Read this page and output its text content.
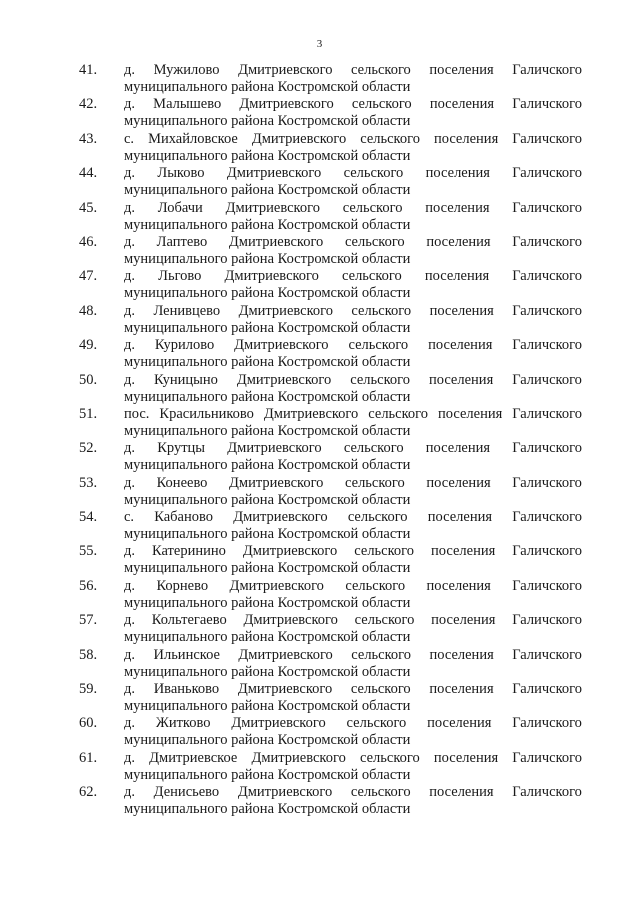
3
41.	д. Мужилово Дмитриевского сельского поселения Галичского
муниципального района Костромской области
42.	д. Малышево Дмитриевского сельского поселения Галичского
муниципального района Костромской области
43.	с. Михайловское Дмитриевского сельского поселения Галичского
муниципального района Костромской области
44.	д. Лыково Дмитриевского сельского поселения Галичского
муниципального района Костромской области
45.	д. Лобачи Дмитриевского сельского поселения Галичского
муниципального района Костромской области
46.	д. Лаптево Дмитриевского сельского поселения Галичского
муниципального района Костромской области
47.	д. Льгово Дмитриевского сельского поселения Галичского
муниципального района Костромской области
48.	д. Ленивцево Дмитриевского сельского поселения Галичского
муниципального района Костромской области
49.	д. Курилово Дмитриевского сельского поселения Галичского
муниципального района Костромской области
50.	д. Куницыно Дмитриевского сельского поселения Галичского
муниципального района Костромской области
51.	пос. Красильниково Дмитриевского сельского поселения Галичского
муниципального района Костромской области
52.	д. Крутцы Дмитриевского сельского поселения Галичского
муниципального района Костромской области
53.	д. Конеево Дмитриевского сельского поселения Галичского
муниципального района Костромской области
54.	с. Кабаново Дмитриевского сельского поселения Галичского
муниципального района Костромской области
55.	д. Катеринино Дмитриевского сельского поселения Галичского
муниципального района Костромской области
56.	д. Корнево Дмитриевского сельского поселения Галичского
муниципального района Костромской области
57.	д. Кольтегаево Дмитриевского сельского поселения Галичского
муниципального района Костромской области
58.	д. Ильинское Дмитриевского сельского поселения Галичского
муниципального района Костромской области
59.	д. Иваньково Дмитриевского сельского поселения Галичского
муниципального района Костромской области
60.	д. Житково Дмитриевского сельского поселения Галичского
муниципального района Костромской области
61.	д. Дмитриевское Дмитриевского сельского поселения Галичского
муниципального района Костромской области
62.	д. Денисьево Дмитриевского сельского поселения Галичского
муниципального района Костромской области
